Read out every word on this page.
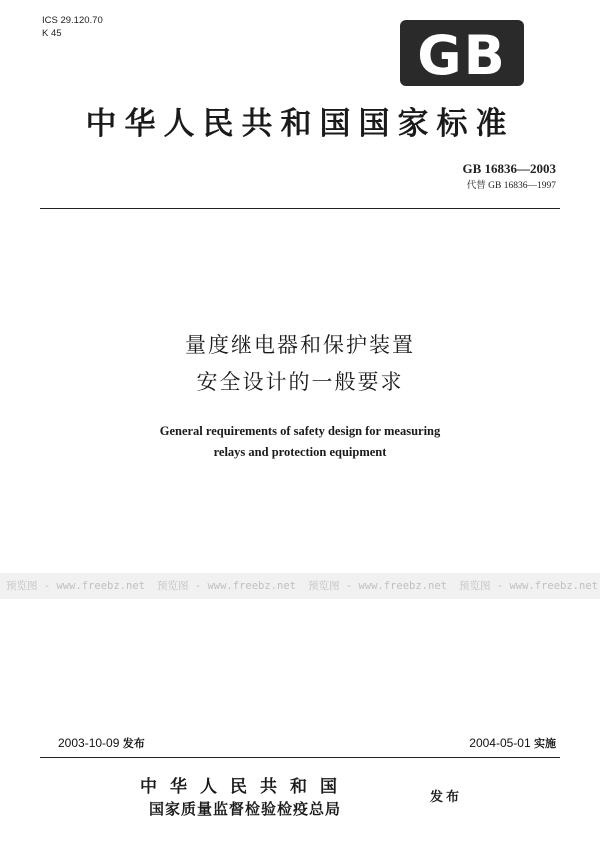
ICS 29.120.70
K 45	GB
中华人民共和国国家标准
GB 16836—2003
代替 GB 16836—1997
量度继电器和保护装置
安全设计的一般要求
General requirements of safety design for measuring
relays and protection equipment
预览图 - www.freebz.net 预览图 - www.freebz.net 预览图 - www.freebz.net 预览图 - www.freebz.net
2003-10-09 发布	2004-05-01 实施
中华人民共和国
国家质量监督检验检疫总局
发布
